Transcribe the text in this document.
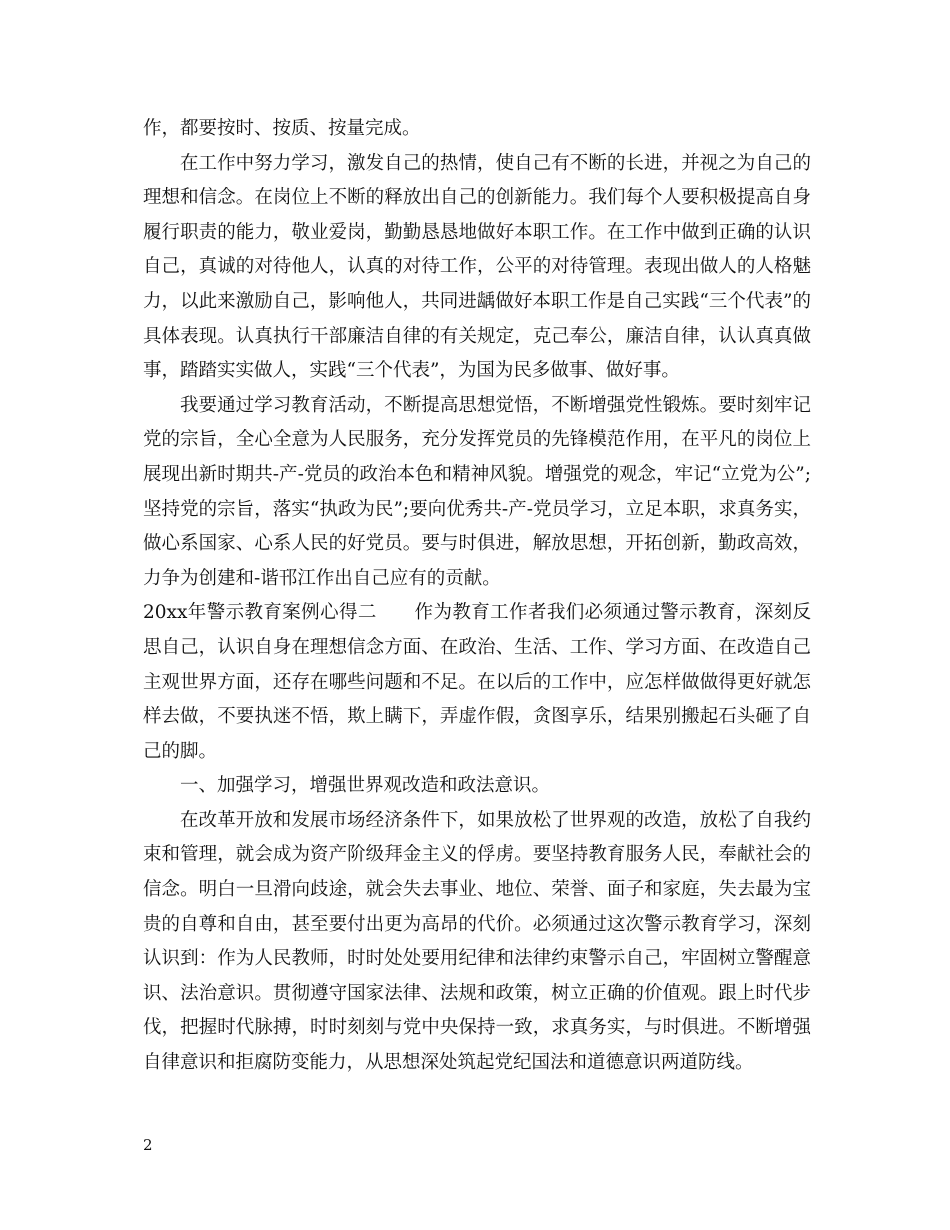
作，都要按时、按质、按量完成。

在工作中努力学习，激发自己的热情，使自己有不断的长进，并视之为自己的理想和信念。在岗位上不断的释放出自己的创新能力。我们每个人要积极提高自身履行职责的能力，敬业爱岗，勤勤恳恳地做好本职工作。在工作中做到正确的认识自己，真诚的对待他人，认真的对待工作，公平的对待管理。表现出做人的人格魅力，以此来激励自己，影响他人，共同进龋做好本职工作是自己实践“三个代表”的具体表现。认真执行干部廉洁自律的有关规定，克己奉公，廉洁自律，认认真真做事，踏踏实实做人，实践“三个代表”，为国为民多做事、做好事。

我要通过学习教育活动，不断提高思想觉悟，不断增强党性锻炼。要时刻牢记党的宗旨，全心全意为人民服务，充分发挥党员的先锋模范作用，在平凡的岗位上展现出新时期共-产-党员的政治本色和精神风貌。增强党的观念，牢记“立党为公”;坚持党的宗旨，落实“执政为民”;要向优秀共-产-党员学习，立足本职，求真务实，做心系国家、心系人民的好党员。要与时俱进，解放思想，开拓创新，勤政高效，力争为创建和-谐邗江作出自己应有的贡献。

20xx年警示教育案例心得二　　作为教育工作者我们必须通过警示教育，深刻反思自己，认识自身在理想信念方面、在政治、生活、工作、学习方面、在改造自己主观世界方面，还存在哪些问题和不足。在以后的工作中，应怎样做做得更好就怎样去做，不要执迷不悟，欺上瞒下，弄虚作假，贪图享乐，结果别搬起石头砸了自己的脚。

一、加强学习，增强世界观改造和政法意识。

在改革开放和发展市场经济条件下，如果放松了世界观的改造，放松了自我约束和管理，就会成为资产阶级拜金主义的俘虏。要坚持教育服务人民，奉献社会的信念。明白一旦滑向歧途，就会失去事业、地位、荣誉、面子和家庭，失去最为宝贵的自尊和自由，甚至要付出更为高昂的代价。必须通过这次警示教育学习，深刻认识到：作为人民教师，时时处处要用纪律和法律约束警示自己，牢固树立警醒意识、法治意识。贯彻遵守国家法律、法规和政策，树立正确的价值观。跟上时代步伐，把握时代脉搏，时时刻刻与党中央保持一致，求真务实，与时俱进。不断增强自律意识和拒腐防变能力，从思想深处筑起党纪国法和道德意识两道防线。

2
